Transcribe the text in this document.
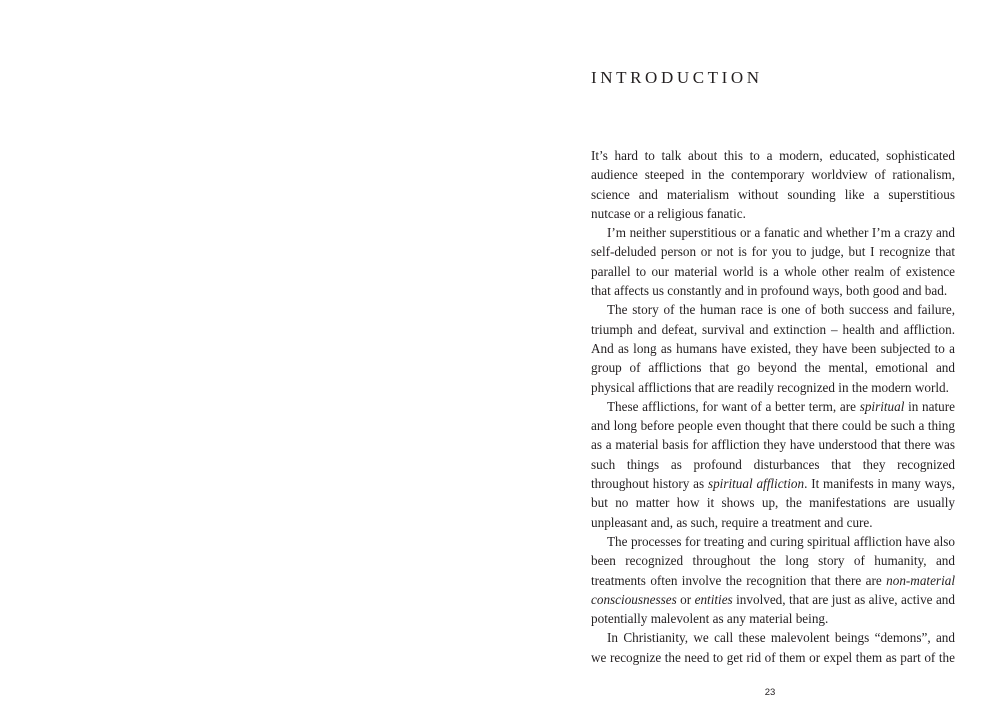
INTRODUCTION

It’s hard to talk about this to a modern, educated, sophisticated audience steeped in the contemporary worldview of rationalism, science and materialism without sounding like a superstitious nutcase or a religious fanatic.

I’m neither superstitious or a fanatic and whether I’m a crazy and self-deluded person or not is for you to judge, but I recognize that parallel to our material world is a whole other realm of existence that affects us constantly and in profound ways, both good and bad.

The story of the human race is one of both success and failure, triumph and defeat, survival and extinction – health and affliction. And as long as humans have existed, they have been subjected to a group of afflictions that go beyond the mental, emotional and physical afflictions that are readily recognized in the modern world.

These afflictions, for want of a better term, are spiritual in nature and long before people even thought that there could be such a thing as a material basis for affliction they have understood that there was such things as profound disturbances that they recognized throughout history as spiritual affliction. It manifests in many ways, but no matter how it shows up, the manifestations are usually unpleasant and, as such, require a treatment and cure.

The processes for treating and curing spiritual affliction have also been recognized throughout the long story of humanity, and treatments often involve the recognition that there are non-material consciousnesses or entities involved, that are just as alive, active and potentially malevolent as any material being.

In Christianity, we call these malevolent beings “demons”, and we recognize the need to get rid of them or expel them as part of the

23
